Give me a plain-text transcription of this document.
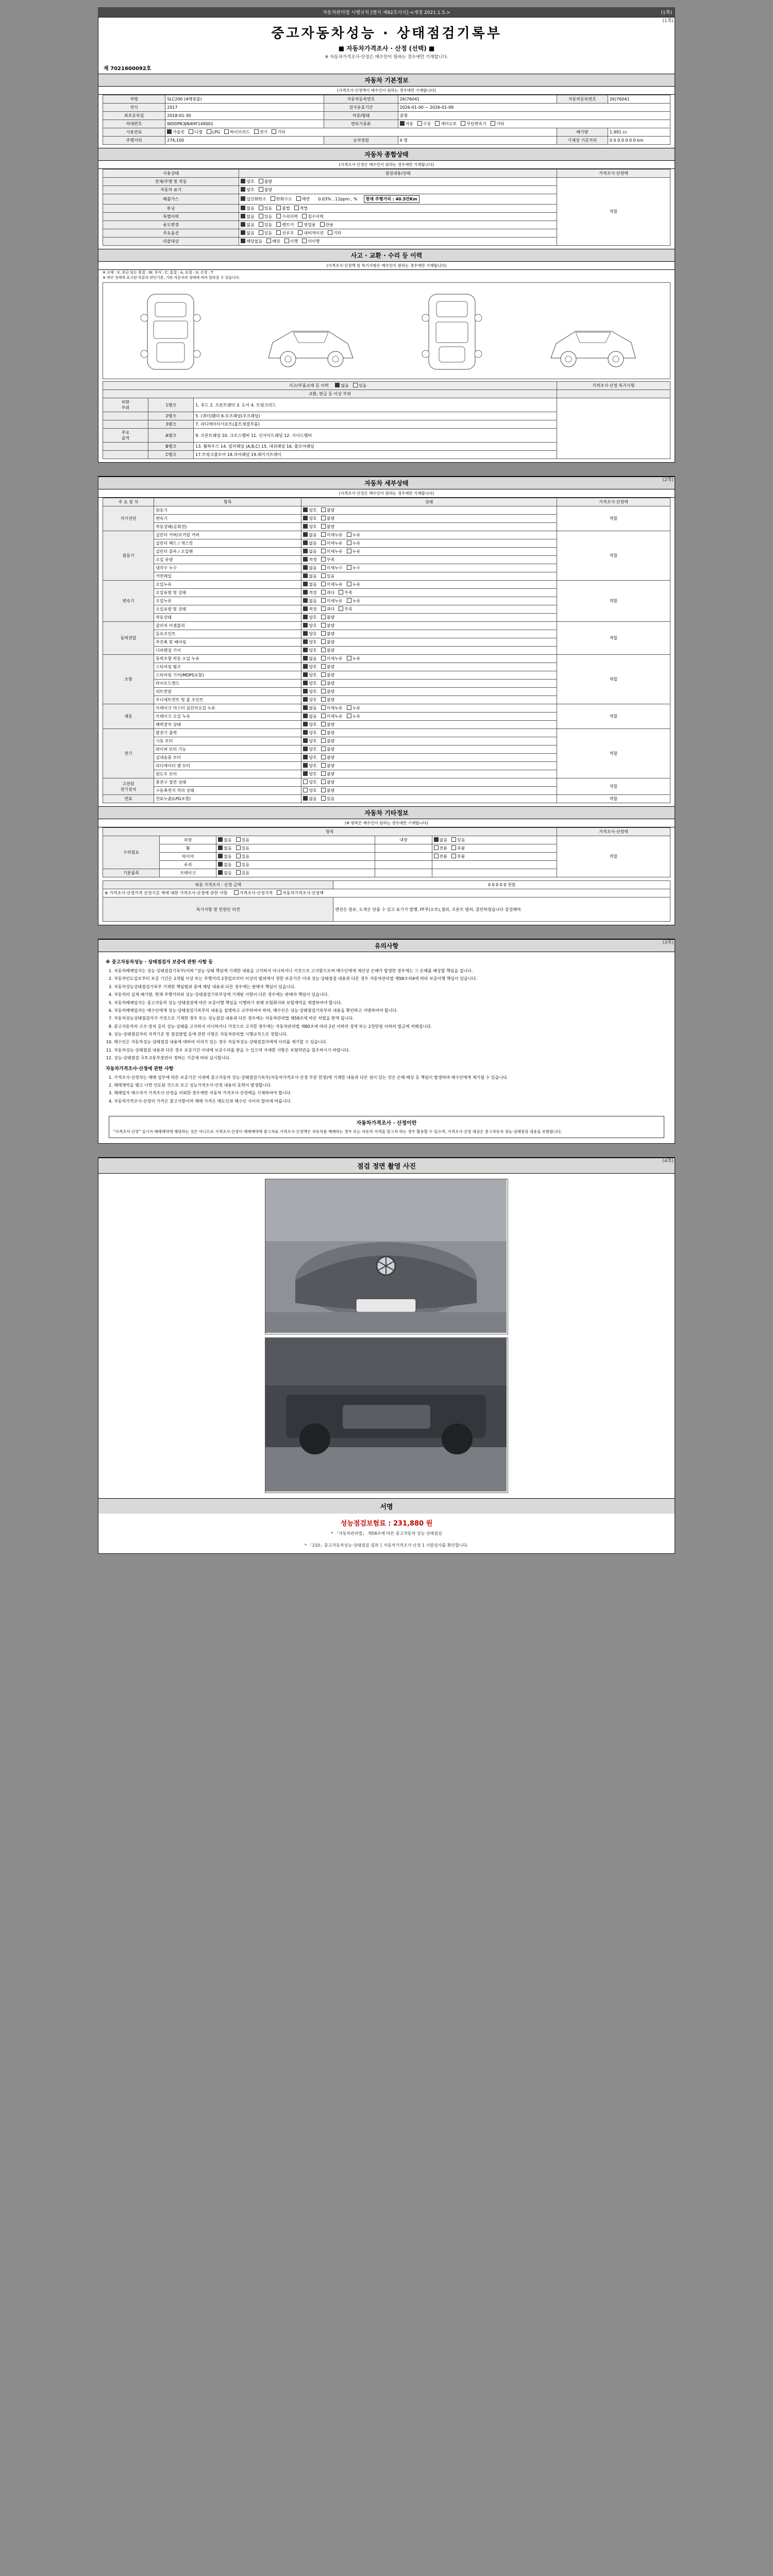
자동차관리법 시행규칙 [별지 제82호서식] <개정 2021.1.5.>	(1쪽)
중고자동차성능 · 상태점검기록부
■ 자동차가격조사 · 산정 (선택) ■
※ 자동차가격조사·산정은 매수인이 원하는 경우에만 기재합니다.
제 7021600092호
자동차 기본정보
(가격조사·산정액이 매수인이 원하는 경우에만 기재합니다)
차명	SLC200 (4매핑블)	자동차등록번호	26)76041	자동차등록번호	26)76041
연식	2017	검사유효기간	2026-01-00 ~ 2026-01-09		
최초등록일	2018-01-30	차종/형태	중형		
차대번호	WDDPK3JN4HF149001	변속기종류	자동 수동 세미오토 무단변속기 기타		
사용연료	가솔린 디젤 LPG 하이브리드 전기 기타			배기량	1,991 cc
주행거리	274,100	승차정원	4 명	기재상 기준거리	0 0 0 0 0 0 0 km
자동차 종합상태
(가격조사·산정은 매수인이 원하는 경우에만 기재합니다)
사용상태	점검내용/상태	가격조사·산정액
전체/주행 및 작동	양호 불량	적합
자동차 표기	양호 불량	
배출가스	일산화탄소 탄화수소 매연 0.03% , 12ppm , % 현재 주행거리 : 40.5만Km	
튜닝	없음 있음 불법 적법	
특별이력	없음 있음 수리이력 침수이력	
용도변경	없음 있음 렌트카 영업용 관용	
주요옵션	없음 있음 선루프 내비게이션 기타	
리콜대상	해당없음 해당 이행 미이행	
사고 · 교환 · 수리 등 이력
(가격조사·산정액 및 특기사항은 매수인이 원하는 경우에만 기재합니다)
※ 교체 : X, 판금 또는 용접 : W, 부식 : C, 흠집 : A, 요철 : U, 손상 : T
※ 하단 상태에 표시된 부분의 판단기준, 기타 자동차의 상태에 따라 달라질 수 있습니다.
사고/부품교체 등 이력 없음 있음			가격조사·산정 특기사항
교환, 판금 등 이상 부위			
외판
부위	1랭크	1. 후드 2. 프론트팬더 3. 도어 4. 트렁크리드	
	2랭크	5. (쿼터)휀더 6.루프패널(루프패널)	
	3랭크	7. 라디에이터서포트(볼트체결부품)	
주요
골격	A랭크	9. 프론트패널 10. 크로스멤버 11. 인사이드패널 12. 사이드멤버	
	B랭크	13. 휠하우스 14. 필러패널 (A,B,C) 15. 대쉬패널 16. 플로어패널	
	C랭크	17.트렁크플로어 18.리어패널 19.패키지트레이	
(1쪽)
자동차 세부상태
(가격조사·산정은 매수인이 원하는 경우에만 기재합니다)
주 요 장 치	항목	상태	가격조사·산정액
자기진단	원동기	양호 불량	적합
	변속기	양호 불량	
	작동상태(공회전)	양호 불량	
원동기	실린더 커버/로커암 커버	없음 미세누유 누유	적합
	실린더 헤드 / 개스킷	없음 미세누유 누유	
	실린더 블록 / 오일팬	없음 미세누유 누유	
	오일 유량	적정 부족	
	냉각수 누수	없음 미세누수 누수	
	커먼레일	없음 있음	
변속기	오일누유	없음 미세누유 누유	적합
	오일유량 및 상태	적정 과다 부족	
	오일누유	없음 미세누유 누유	
	오일유량 및 상태	적정 과다 부족	
	작동상태	양호 불량	
동력전달	클러치 어셈블리	양호 불량	적합
	등속조인트	양호 불량	
	추진축 및 베어링	양호 불량	
	디퍼렌셜 기어	양호 불량	
조향	동력조향 작동 오일 누유	없음 미세누유 누유	적합
	스티어링 펌프	양호 불량	
	스티어링 기어(MDPS포함)	양호 불량	
	타이로드엔드	양호 불량	
	피트먼암	양호 불량	
	우너세트먼트 및 볼 조인트	양호 불량	
제동	브레이크 마스터 실린더오일 누유	없음 미세누유 누유	적합
	브레이크 오일 누유	없음 미세누유 누유	
	배력장치 상태	양호 불량	
전기	발전기 출력	양호 불량	적합
	시동 모터	양호 불량	
	와이퍼 모터 기능	양호 불량	
	실내송풍 모터	양호 불량	
	라디에이터 팬 모터	양호 불량	
	윈도우 모터	양호 불량	
고전원
전기장치	충전구 절연 상태	양호 불량	적합
	구동축전지 격리 상태	양호 불량	
연료	연료누출(LPG포함)	없음 있음	적합
자동차 기타정보
(※ 항목은 매수인이 원하는 경우에만 기재합니다)
항목					가격조사·산정액
수리필요	외장	없음 있음	내장	없음 있음	적합
	휠	없음 있음		전륜 후륜	
	타이어	없음 있음		전륜 후륜	
	유리	없음 있음			
기본품목	브레이크	없음 있음			
최종 가격조사 · 산정 금액	0 0 0 0 0 천원
※ 가격조사·산정가격 산정기준 액에 대한 가격조사·산정에 관한 사항 가격조사·산정가격 자동차가격조사·산정액	
특기사항 및 민원인 의견	엔진은 원유, 도색은 단품 수 있고 표기가 발행, FF주(오토),점퍼, 프론트 범퍼, 클린하였습니다 검검해여.
(2쪽)
유의사항
※ 중고자동차성능 · 상태점검자 보증에 관한 사항 등
1. 자동차매매업자는 성능·상태점검기록부(이하 "성능·상태 책임에 기재한 내용을 고지하지 아니하거나 거짓으로 고지함으로써 매수인에게 재산상 손해가 발생한 경우에는 그 손해를 배상할 책임을 집니다.
2. 자동차인도일로부터 보증 기간은 2개월 이상 또는 주행거리 2천킬로미터 이상의 범위에서 정한 보증기간 이내 성능·상태점검 내용과 다른 경우 자동차관리법 제58조의4에 따라 보증이행 책임이 있습니다.
3. 자동차성능상태점검기록부 기재한 책임범위 중에 해당 내용과 다른 경우에는 판매자 책임이 있습니다.
4. 자동차의 실제 배기량, 현재 주행거리와 성능·상태점검기록부상에 기재된 사항이 다른 경우에는 판매자 책임이 있습니다.
5. 자동차매매업자는 중고자동차 성능·상태점검에 따른 보증이행 책임을 이행하기 위해 보험회사와 보험계약을 체결하여야 합니다.
6. 자동차매매업자는 매수인에게 성능·상태점검기록부의 내용을 설명하고 교부하여야 하며, 매수인은 성능·상태점검기록부의 내용을 확인하고 서명하여야 합니다.
7. 자동차성능상태점검자가 거짓으로 기재한 경우 또는 성능점검 내용과 다른 경우에는 자동차관리법 제58조에 따른 처벌을 받게 됩니다.
8. 중고자동차의 구조·장치 등의 성능·상태를 고지하지 아니하거나 거짓으로 고지한 경우에는 자동차관리법 제80조에 따라 2년 이하의 징역 또는 2천만원 이하의 벌금에 처해집니다.
9. 성능·상태점검자의 자격기준 및 점검방법 등에 관한 사항은 자동차관리법 시행규칙으로 정합니다.
10. 매수인은 자동차성능·상태점검 내용에 대하여 이의가 있는 경우 자동차성능·상태점검자에게 이의를 제기할 수 있습니다.
11. 자동차성능·상태점검 내용과 다른 경우 보증기간 이내에 보증수리를 받을 수 있으며 자세한 사항은 보험약관을 참조하시기 바랍니다.
12. 성능·상태점검 국토교통부장관이 정하는 기준에 따라 실시합니다.
자동차가격조사·산정에 관한 사항
1. 가격조사·산정자는 매매 업무에 따른 보증기간 이내에 중고자동차 성능·상태점검기록부(자동차가격조사·산정 부분 한정)에 기재한 내용과 다른 점이 있는 것은 손해 배상 등 책임이 발생하며 매수인에게 제기될 수 있습니다.
2. 매매계약을 맺고 나면 인도된 것으로 보고 성능가격조사·산정 내용의 효력이 발생합니다.
3. 매매업자 매수자가 가격조사·산정을 의뢰한 경우에만 자동차 가격조사·산정액을 기재하여야 합니다.
4. 자동차가격조사·산정의 가격은 참고사항이며 매매 가격은 매도인과 매수인 사이의 합의에 따릅니다.
자동차가격조사 · 산정이란
"가격조사·산정" 실시가 매매계약에 해당하는 것은 아니므로 가격조사·산정이 매매계약에 참고자료 가격조사·산정액은 자동차를 매매하는 경우 또는 자동차 가격을 알고자 하는 경우 활용할 수 있으며, 가격조사·산정 대상은 중고자동차 성능·상태점검 내용을 포함합니다.
(3쪽)
점검 정면 촬영 사진
서명
성능점검보험료 : 231,880 원
* 「자동차관리법」 제58조에 따른 중고자동차 성능·상태점검
* 「210」중고자동차성능·상태점검 결과 │ 자동차가격조사·산정 1 사람검사를 확인합니다.
(4쪽)
